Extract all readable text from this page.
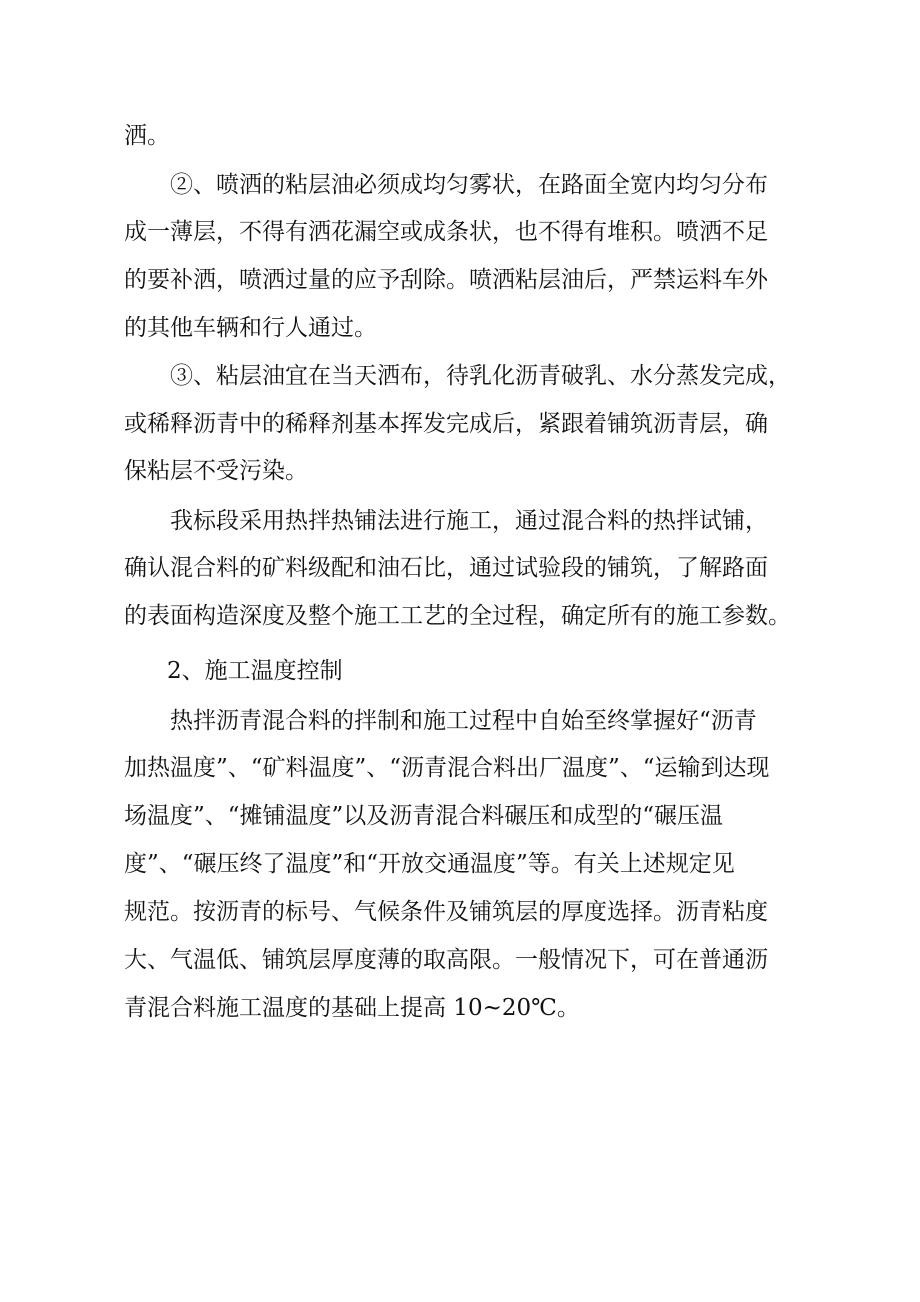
洒。
②、喷洒的粘层油必须成均匀雾状，在路面全宽内均匀分布
成一薄层，不得有洒花漏空或成条状，也不得有堆积。喷洒不足
的要补洒，喷洒过量的应予刮除。喷洒粘层油后，严禁运料车外
的其他车辆和行人通过。
③、粘层油宜在当天洒布，待乳化沥青破乳、水分蒸发完成，
或稀释沥青中的稀释剂基本挥发完成后，紧跟着铺筑沥青层，确
保粘层不受污染。
我标段采用热拌热铺法进行施工，通过混合料的热拌试铺，
确认混合料的矿料级配和油石比，通过试验段的铺筑，了解路面
的表面构造深度及整个施工工艺的全过程，确定所有的施工参数。
2、施工温度控制
热拌沥青混合料的拌制和施工过程中自始至终掌握好“沥青
加热温度”、“矿料温度”、“沥青混合料出厂温度”、“运输到达现
场温度”、“摊铺温度”以及沥青混合料碾压和成型的“碾压温
度”、“碾压终了温度”和“开放交通温度”等。有关上述规定见
规范。按沥青的标号、气候条件及铺筑层的厚度选择。沥青粘度
大、气温低、铺筑层厚度薄的取高限。一般情况下，可在普通沥
青混合料施工温度的基础上提高 10~20℃。
